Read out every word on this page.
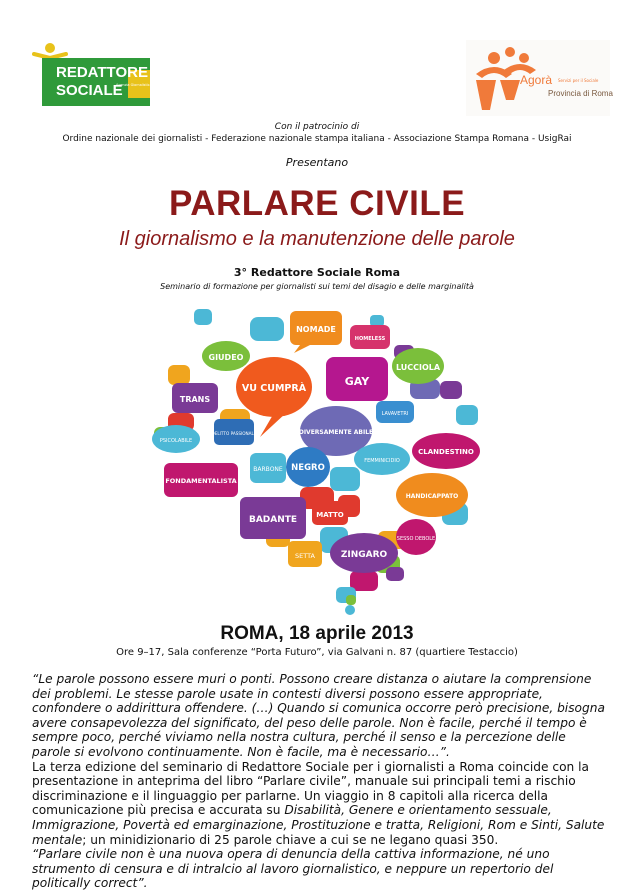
REDATTORE
SOCIALE
Agenzia Giornalistica Quotidiana	Agorà Servizi per il Sociale
Provincia di Roma
Con il patrocinio di
Ordine nazionale dei giornalisti - Federazione nazionale stampa italiana - Associazione Stampa Romana - UsigRai
Presentano
PARLARE CIVILE
Il giornalismo e la manutenzione delle parole
3° Redattore Sociale Roma
Seminario di formazione per giornalisti sui temi del disagio e delle marginalità
NOMADE
HOMELESS
GIUDEO
VU CUMPRÀ
GAY
LUCCIOLA
TRANS
LAVAVETRI
DIVERSAMENTE ABILE
DELITTO PASSIONALE
PSICOLABILE
CLANDESTINO
BARBONE NEGRO
FEMMINICIDIO
FONDAMENTALISTA
HANDICAPPATO
BADANTE	MATTO
SESSO DEBOLE
SETTA	ZINGARO
ROMA, 18 aprile 2013
Ore 9–17, Sala conferenze “Porta Futuro”, via Galvani n. 87 (quartiere Testaccio)

“Le parole possono essere muri o ponti. Possono creare distanza o aiutare la comprensione dei problemi. Le stesse parole usate in contesti diversi possono essere appropriate, confondere o addirittura offendere. (…) Quando si comunica occorre però precisione, bisogna avere consapevolezza del significato, del peso delle parole. Non è facile, perché il tempo è sempre poco, perché viviamo nella nostra cultura, perché il senso e la percezione delle parole si evolvono continuamente. Non è facile, ma è necessario…”.

La terza edizione del seminario di Redattore Sociale per i giornalisti a Roma coincide con la presentazione in anteprima del libro “Parlare civile”, manuale sui principali temi a rischio discriminazione e il linguaggio per parlarne. Un viaggio in 8 capitoli alla ricerca della comunicazione più precisa e accurata su Disabilità, Genere e orientamento sessuale, Immigrazione, Povertà ed emarginazione, Prostituzione e tratta, Religioni, Rom e Sinti, Salute mentale; un minidizionario di 25 parole chiave a cui se ne legano quasi 350.

“Parlare civile non è una nuova opera di denuncia della cattiva informazione, né uno strumento di censura e di intralcio al lavoro giornalistico, e neppure un repertorio del politically correct”.
